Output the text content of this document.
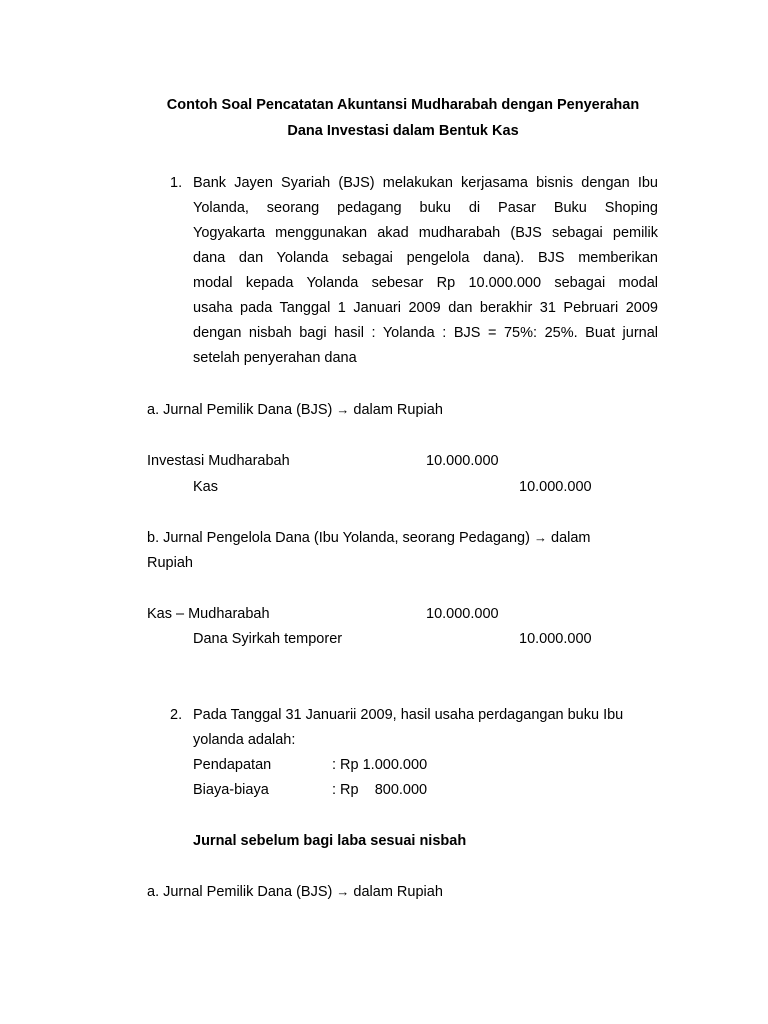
Contoh Soal Pencatatan Akuntansi Mudharabah dengan Penyerahan
Dana Investasi dalam Bentuk Kas
1. Bank Jayen Syariah (BJS) melakukan kerjasama bisnis dengan Ibu
Yolanda, seorang pedagang buku di Pasar Buku Shoping
Yogyakarta menggunakan akad mudharabah (BJS sebagai pemilik
dana dan Yolanda sebagai pengelola dana). BJS memberikan
modal kepada Yolanda sebesar Rp 10.000.000 sebagai modal
usaha pada Tanggal 1 Januari 2009 dan berakhir 31 Pebruari 2009
dengan nisbah bagi hasil : Yolanda : BJS = 75%: 25%. Buat jurnal
setelah penyerahan dana
a. Jurnal Pemilik Dana (BJS) → dalam Rupiah
Investasi Mudharabah	10.000.000
Kas	10.000.000
b. Jurnal Pengelola Dana (Ibu Yolanda, seorang Pedagang) → dalam
Rupiah
Kas – Mudharabah	10.000.000
Dana Syirkah temporer	10.000.000
2. Pada Tanggal 31 Januarii 2009, hasil usaha perdagangan buku Ibu
yolanda adalah:
Pendapatan	: Rp 1.000.000
Biaya-biaya	: Rp    800.000
Jurnal sebelum bagi laba sesuai nisbah
a. Jurnal Pemilik Dana (BJS) → dalam Rupiah
